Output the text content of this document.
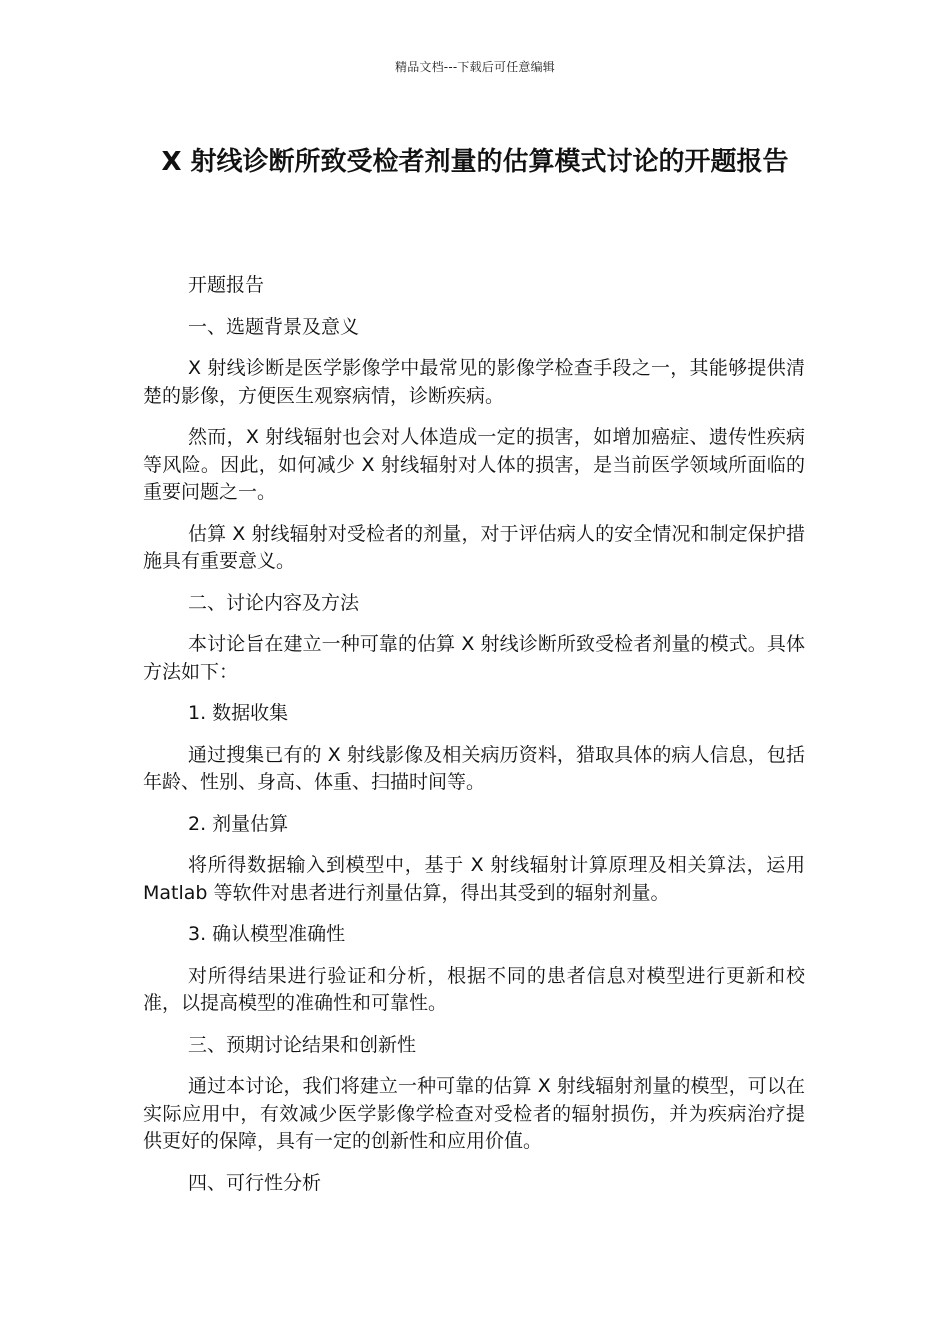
精品文档---下载后可任意编辑
X 射线诊断所致受检者剂量的估算模式讨论的开题报告

开题报告

一、选题背景及意义

X 射线诊断是医学影像学中最常见的影像学检查手段之一，其能够提供清楚的影像，方便医生观察病情，诊断疾病。

然而，X 射线辐射也会对人体造成一定的损害，如增加癌症、遗传性疾病等风险。因此，如何减少 X 射线辐射对人体的损害，是当前医学领域所面临的重要问题之一。

估算 X 射线辐射对受检者的剂量，对于评估病人的安全情况和制定保护措施具有重要意义。

二、讨论内容及方法

本讨论旨在建立一种可靠的估算 X 射线诊断所致受检者剂量的模式。具体方法如下：

1. 数据收集

通过搜集已有的 X 射线影像及相关病历资料，猎取具体的病人信息，包括年龄、性别、身高、体重、扫描时间等。

2. 剂量估算

将所得数据输入到模型中，基于 X 射线辐射计算原理及相关算法，运用 Matlab 等软件对患者进行剂量估算，得出其受到的辐射剂量。

3. 确认模型准确性

对所得结果进行验证和分析，根据不同的患者信息对模型进行更新和校准，以提高模型的准确性和可靠性。

三、预期讨论结果和创新性

通过本讨论，我们将建立一种可靠的估算 X 射线辐射剂量的模型，可以在实际应用中，有效减少医学影像学检查对受检者的辐射损伤，并为疾病治疗提供更好的保障，具有一定的创新性和应用价值。

四、可行性分析
